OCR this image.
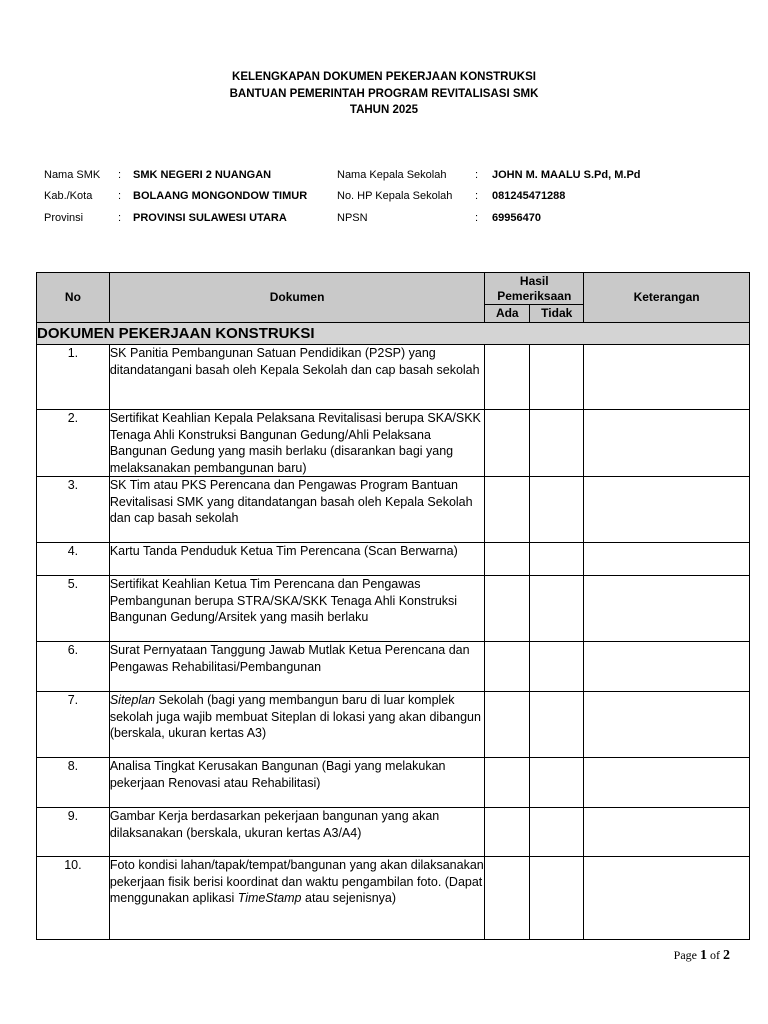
KELENGKAPAN DOKUMEN PEKERJAAN KONSTRUKSI
BANTUAN PEMERINTAH PROGRAM REVITALISASI SMK
TAHUN 2025
Nama SMK : SMK NEGERI 2 NUANGAN
Kab./Kota : BOLAANG MONGONDOW TIMUR
Provinsi	: PROVINSI SULAWESI UTARA
Nama Kepala Sekolah	: JOHN M. MAALU S.Pd, M.Pd
No. HP Kepala Sekolah : 081245471288
NPSN	: 69956470
No	Dokumen	Hasil Pemeriksaan		Keterangan
		Ada	Tidak	
DOKUMEN PEKERJAAN KONSTRUKSI				
1.	SK Panitia Pembangunan Satuan Pendidikan (P2SP) yang ditandatangani basah oleh Kepala Sekolah dan cap basah sekolah			
2.	Sertifikat Keahlian Kepala Pelaksana Revitalisasi berupa SKA/SKK Tenaga Ahli Konstruksi Bangunan Gedung/Ahli Pelaksana Bangunan Gedung yang masih berlaku (disarankan bagi yang melaksanakan pembangunan baru)			
3.	SK Tim atau PKS Perencana dan Pengawas Program Bantuan Revitalisasi SMK yang ditandatangan basah oleh Kepala Sekolah dan cap basah sekolah			
4.	Kartu Tanda Penduduk Ketua Tim Perencana (Scan Berwarna)			
5.	Sertifikat Keahlian Ketua Tim Perencana dan Pengawas Pembangunan berupa STRA/SKA/SKK Tenaga Ahli Konstruksi Bangunan Gedung/Arsitek yang masih berlaku			
6.	Surat Pernyataan Tanggung Jawab Mutlak Ketua Perencana dan Pengawas Rehabilitasi/Pembangunan			
7.	Siteplan Sekolah (bagi yang membangun baru di luar komplek sekolah juga wajib membuat Siteplan di lokasi yang akan dibangun (berskala, ukuran kertas A3)			
8.	Analisa Tingkat Kerusakan Bangunan (Bagi yang melakukan pekerjaan Renovasi atau Rehabilitasi)			
9.	Gambar Kerja berdasarkan pekerjaan bangunan yang akan dilaksanakan (berskala, ukuran kertas A3/A4)			
10.	Foto kondisi lahan/tapak/tempat/bangunan yang akan dilaksanakan pekerjaan fisik berisi koordinat dan waktu pengambilan foto. (Dapat menggunakan aplikasi TimeStamp atau sejenisnya)			
Page 1 of 2
